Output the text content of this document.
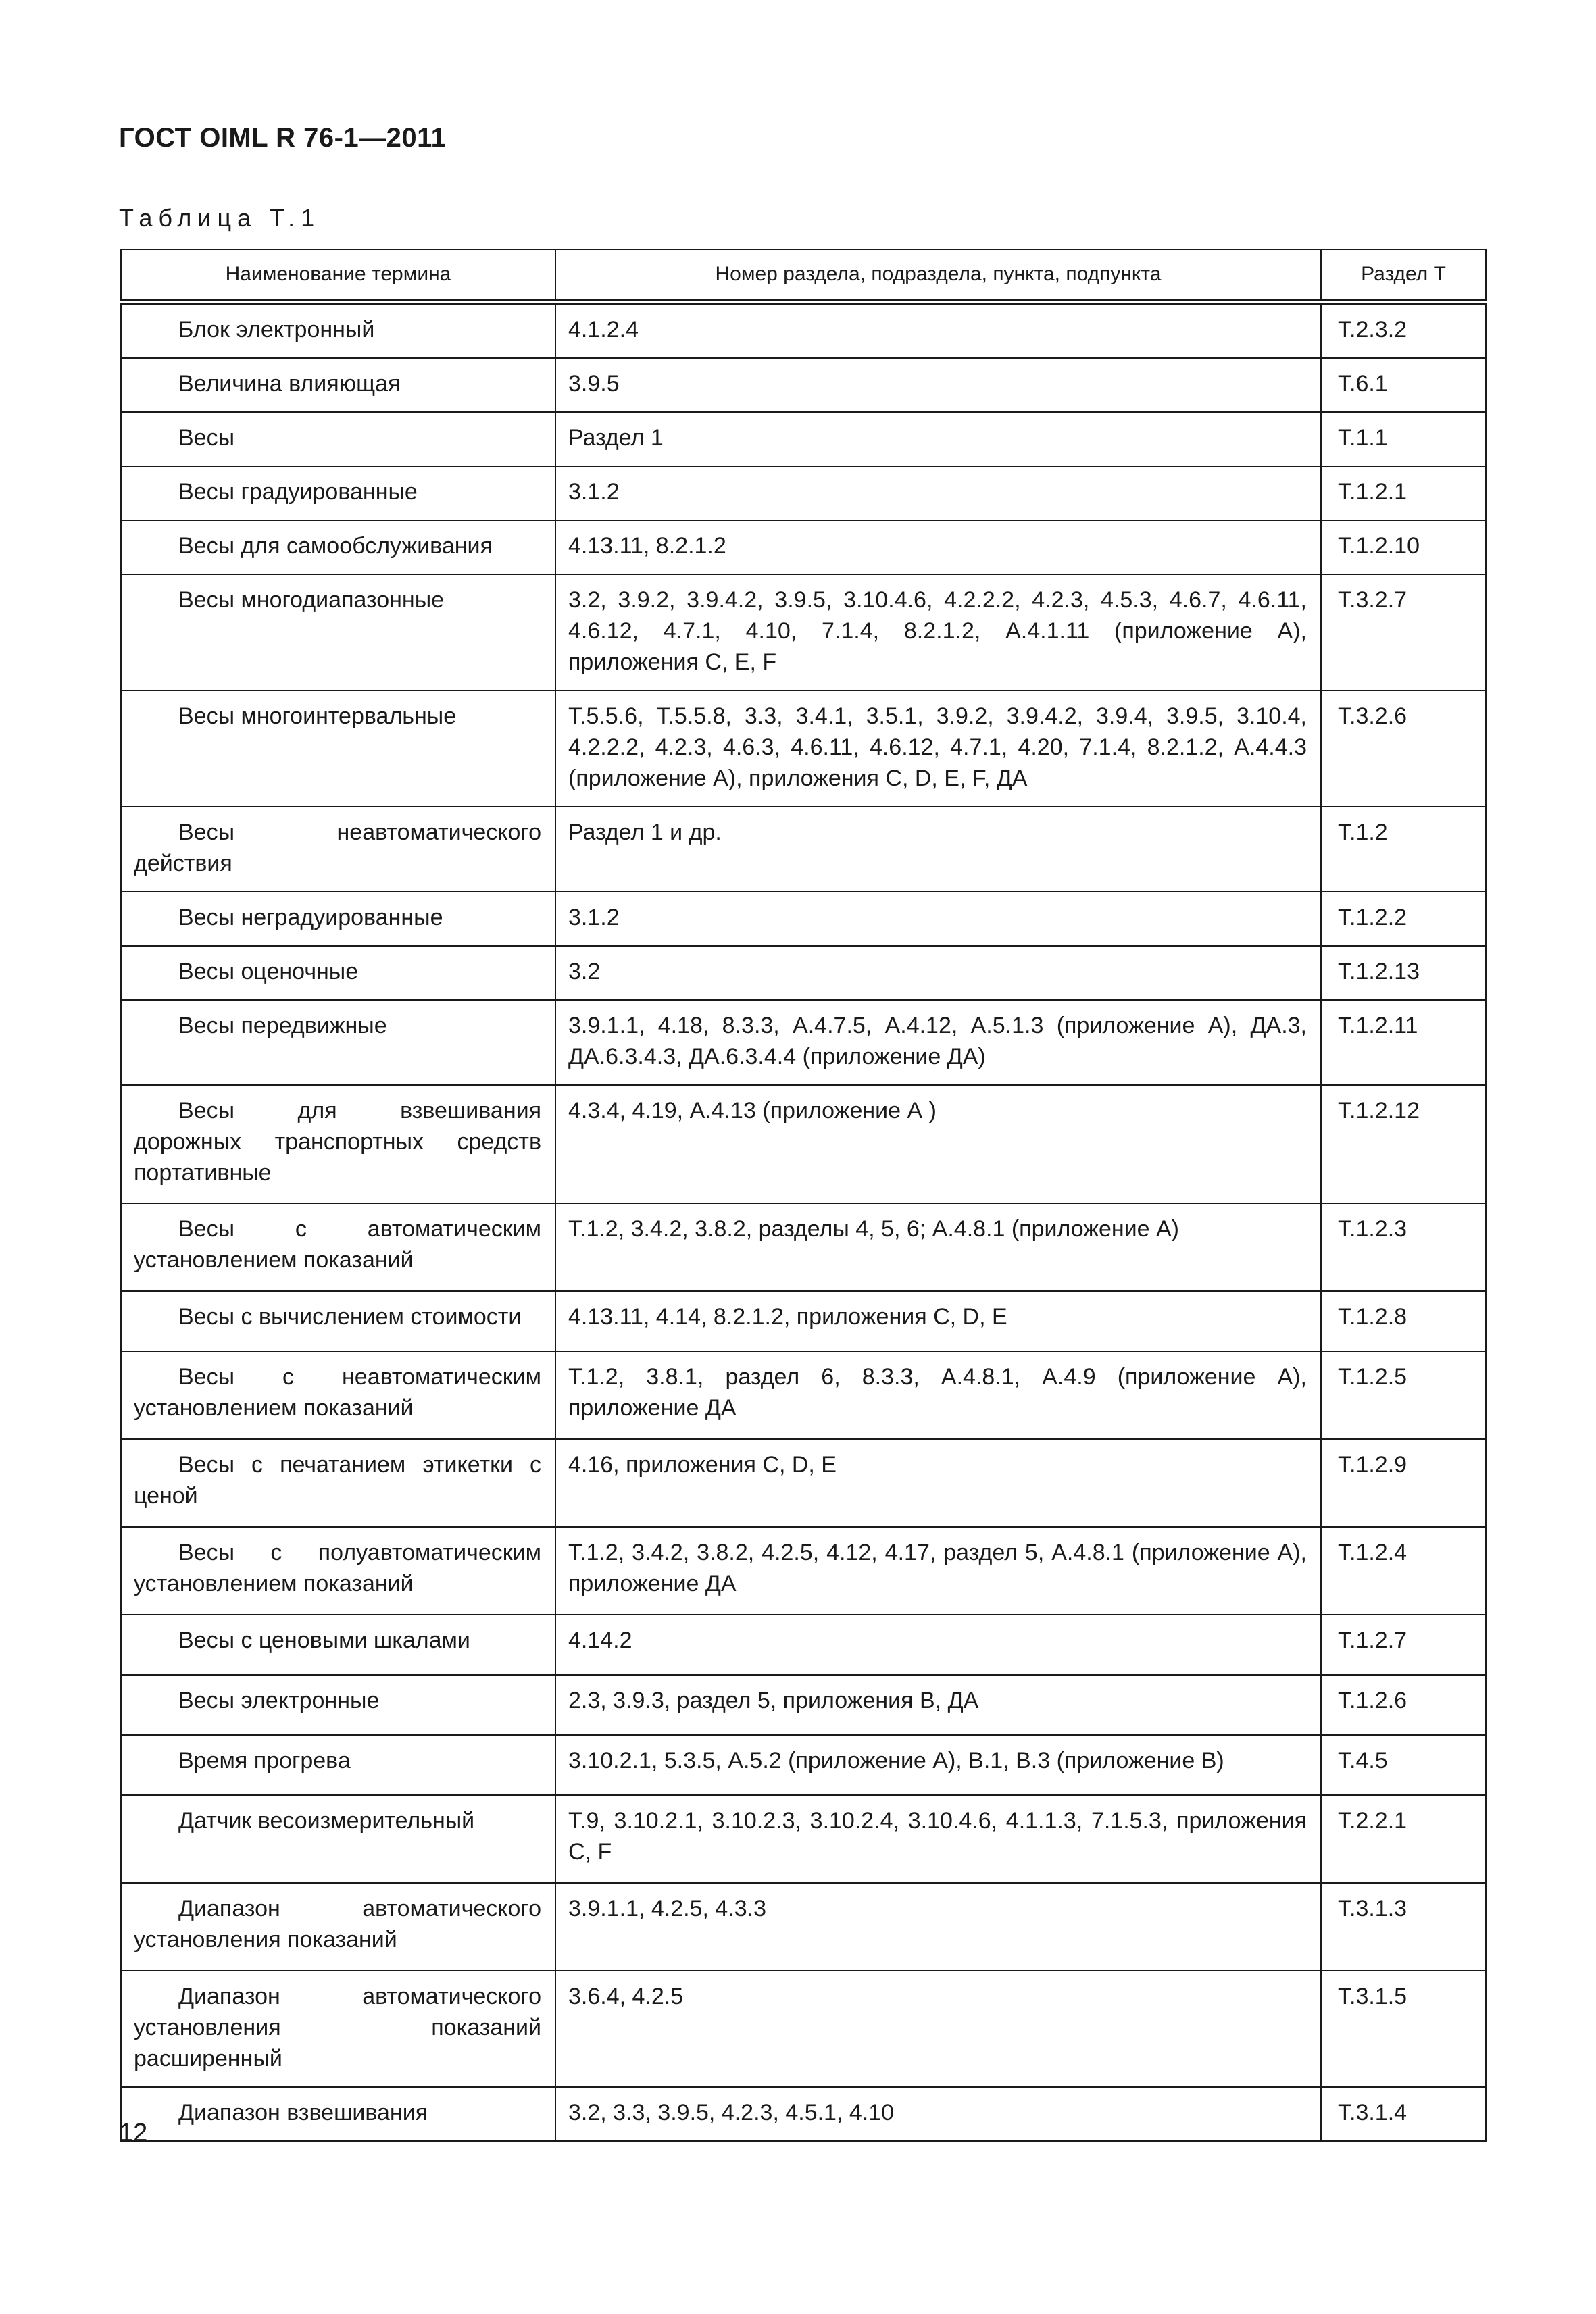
ГОСТ OIML R 76-1—2011
Таблица Т.1
Наименование термина	Номер раздела, подраздела, пункта, подпункта	Раздел Т
Блок электронный	4.1.2.4	Т.2.3.2
Величина влияющая	3.9.5	Т.6.1
Весы	Раздел 1	Т.1.1
Весы градуированные	3.1.2	Т.1.2.1
Весы для самообслуживания	4.13.11, 8.2.1.2	Т.1.2.10
Весы многодиапазонные	3.2, 3.9.2, 3.9.4.2, 3.9.5, 3.10.4.6, 4.2.2.2, 4.2.3, 4.5.3, 4.6.7, 4.6.11, 4.6.12, 4.7.1, 4.10, 7.1.4, 8.2.1.2, А.4.1.11 (приложение А), приложения C, E, F	Т.3.2.7
Весы многоинтервальные	Т.5.5.6, Т.5.5.8, 3.3, 3.4.1, 3.5.1, 3.9.2, 3.9.4.2, 3.9.4, 3.9.5, 3.10.4, 4.2.2.2, 4.2.3, 4.6.3, 4.6.11, 4.6.12, 4.7.1, 4.20, 7.1.4, 8.2.1.2, А.4.4.3 (приложение А), приложения C, D, E, F, ДА	Т.3.2.6
Весы неавтоматического действия	Раздел 1 и др.	Т.1.2
Весы неградуированные	3.1.2	Т.1.2.2
Весы оценочные	3.2	Т.1.2.13
Весы передвижные	3.9.1.1, 4.18, 8.3.3, А.4.7.5, А.4.12, А.5.1.3 (приложение А), ДА.3, ДА.6.3.4.3, ДА.6.3.4.4 (приложение ДА)	Т.1.2.11
Весы для взвешивания дорожных транспортных средств портативные	4.3.4, 4.19, А.4.13 (приложение А )	Т.1.2.12
Весы с автоматическим установлением показаний	Т.1.2, 3.4.2, 3.8.2, разделы 4, 5, 6; А.4.8.1 (приложение А)	Т.1.2.3
Весы с вычислением стоимости	4.13.11, 4.14, 8.2.1.2, приложения C, D, E	Т.1.2.8
Весы с неавтоматическим установлением показаний	Т.1.2, 3.8.1, раздел 6, 8.3.3, А.4.8.1, А.4.9 (приложение А), приложение ДА	Т.1.2.5
Весы с печатанием этикетки с ценой	4.16, приложения C, D, E	Т.1.2.9
Весы с полуавтоматическим установлением показаний	Т.1.2, 3.4.2, 3.8.2, 4.2.5, 4.12, 4.17, раздел 5, А.4.8.1 (приложение А), приложение ДА	Т.1.2.4
Весы с ценовыми шкалами	4.14.2	Т.1.2.7
Весы электронные	2.3, 3.9.3, раздел 5, приложения В, ДА	Т.1.2.6
Время прогрева	3.10.2.1, 5.3.5, А.5.2 (приложение А), В.1, В.3 (приложение В)	Т.4.5
Датчик весоизмерительный	Т.9, 3.10.2.1, 3.10.2.3, 3.10.2.4, 3.10.4.6, 4.1.1.3, 7.1.5.3, приложения C, F	Т.2.2.1
Диапазон автоматического установления показаний	3.9.1.1, 4.2.5, 4.3.3	Т.3.1.3
Диапазон автоматического установления показаний расширенный	3.6.4, 4.2.5	Т.3.1.5
Диапазон взвешивания	3.2, 3.3, 3.9.5, 4.2.3, 4.5.1, 4.10	Т.3.1.4
12
